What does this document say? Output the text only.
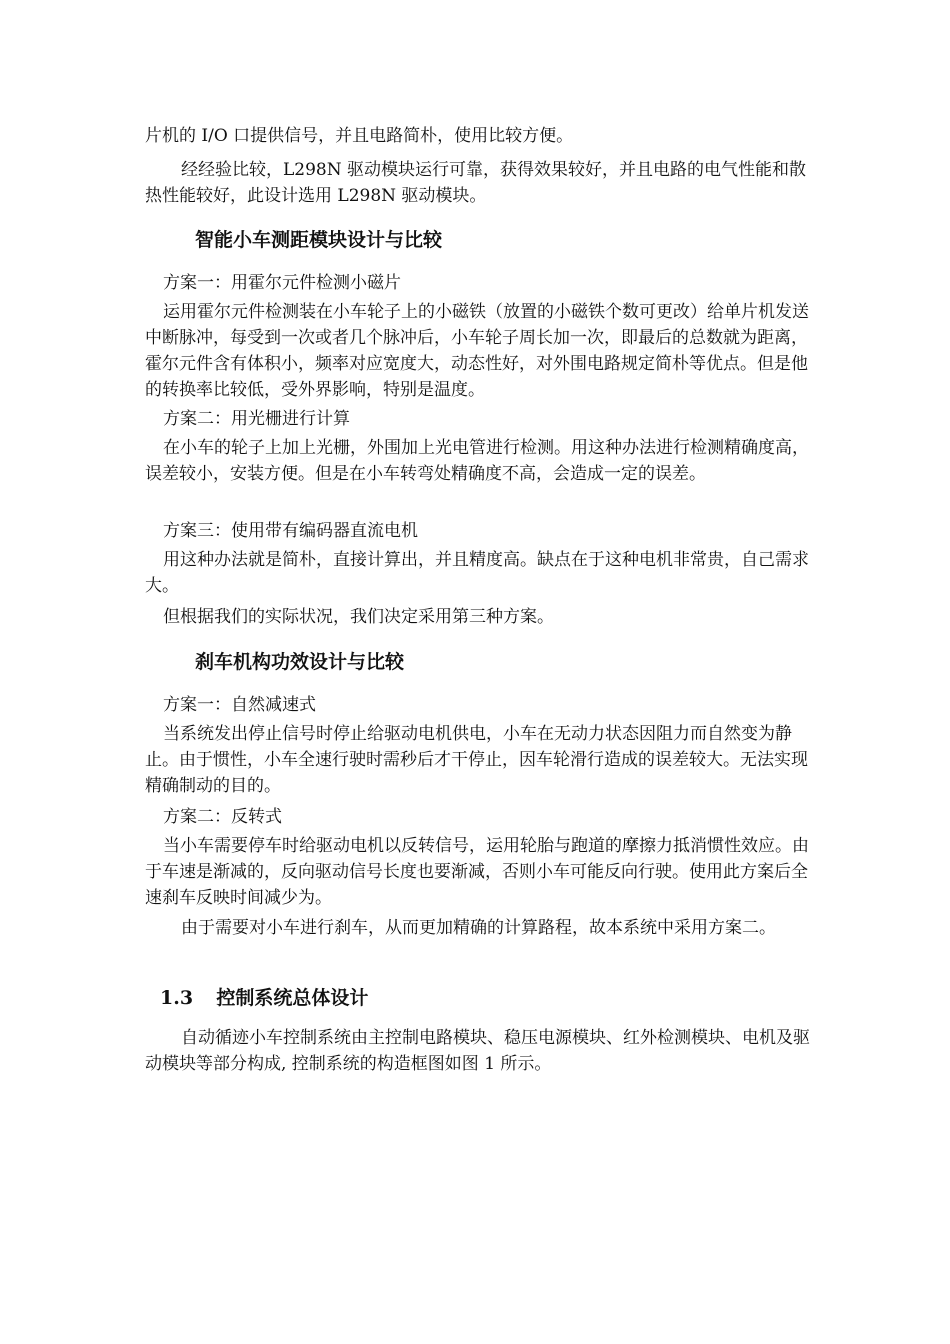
片机的 I/O 口提供信号，并且电路简朴，使用比较方便。

经经验比较，L298N 驱动模块运行可靠，获得效果较好，并且电路的电气性能和散热性能较好，此设计选用 L298N 驱动模块。

智能小车测距模块设计与比较

方案一：用霍尔元件检测小磁片

运用霍尔元件检测装在小车轮子上的小磁铁（放置的小磁铁个数可更改）给单片机发送中断脉冲，每受到一次或者几个脉冲后，小车轮子周长加一次，即最后的总数就为距离，霍尔元件含有体积小，频率对应宽度大，动态性好，对外围电路规定简朴等优点。但是他的转换率比较低，受外界影响，特别是温度。

方案二：用光栅进行计算

在小车的轮子上加上光栅，外围加上光电管进行检测。用这种办法进行检测精确度高，误差较小，安装方便。但是在小车转弯处精确度不高，会造成一定的误差。

方案三：使用带有编码器直流电机

用这种办法就是简朴，直接计算出，并且精度高。缺点在于这种电机非常贵，自己需求大。

但根据我们的实际状况，我们决定采用第三种方案。

刹车机构功效设计与比较

方案一：自然减速式

当系统发出停止信号时停止给驱动电机供电，小车在无动力状态因阻力而自然变为静止。由于惯性，小车全速行驶时需秒后才干停止，因车轮滑行造成的误差较大。无法实现精确制动的目的。

方案二：反转式

当小车需要停车时给驱动电机以反转信号，运用轮胎与跑道的摩擦力抵消惯性效应。由于车速是渐减的，反向驱动信号长度也要渐减，否则小车可能反向行驶。使用此方案后全速刹车反映时间减少为。

由于需要对小车进行刹车，从而更加精确的计算路程，故本系统中采用方案二。

1.3 控制系统总体设计

自动循迹小车控制系统由主控制电路模块、稳压电源模块、红外检测模块、电机及驱动模块等部分构成, 控制系统的构造框图如图 1 所示。
